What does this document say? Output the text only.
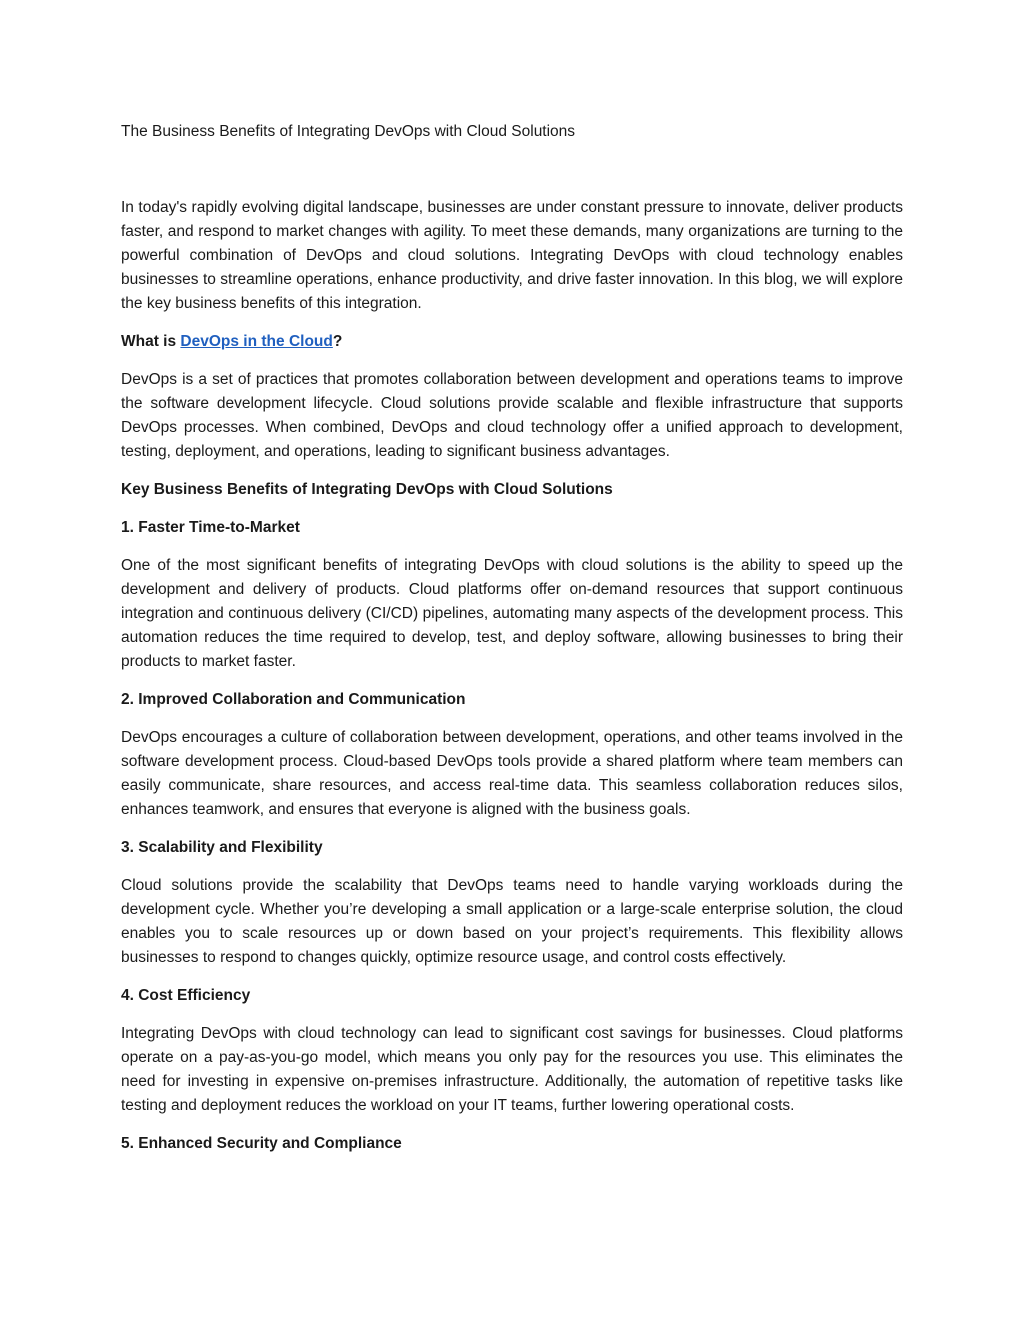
The Business Benefits of Integrating DevOps with Cloud Solutions

In today's rapidly evolving digital landscape, businesses are under constant pressure to innovate, deliver products faster, and respond to market changes with agility. To meet these demands, many organizations are turning to the powerful combination of DevOps and cloud solutions. Integrating DevOps with cloud technology enables businesses to streamline operations, enhance productivity, and drive faster innovation. In this blog, we will explore the key business benefits of this integration.

What is DevOps in the Cloud?

DevOps is a set of practices that promotes collaboration between development and operations teams to improve the software development lifecycle. Cloud solutions provide scalable and flexible infrastructure that supports DevOps processes. When combined, DevOps and cloud technology offer a unified approach to development, testing, deployment, and operations, leading to significant business advantages.

Key Business Benefits of Integrating DevOps with Cloud Solutions

1. Faster Time-to-Market

One of the most significant benefits of integrating DevOps with cloud solutions is the ability to speed up the development and delivery of products. Cloud platforms offer on-demand resources that support continuous integration and continuous delivery (CI/CD) pipelines, automating many aspects of the development process. This automation reduces the time required to develop, test, and deploy software, allowing businesses to bring their products to market faster.

2. Improved Collaboration and Communication

DevOps encourages a culture of collaboration between development, operations, and other teams involved in the software development process. Cloud-based DevOps tools provide a shared platform where team members can easily communicate, share resources, and access real-time data. This seamless collaboration reduces silos, enhances teamwork, and ensures that everyone is aligned with the business goals.

3. Scalability and Flexibility

Cloud solutions provide the scalability that DevOps teams need to handle varying workloads during the development cycle. Whether you’re developing a small application or a large-scale enterprise solution, the cloud enables you to scale resources up or down based on your project’s requirements. This flexibility allows businesses to respond to changes quickly, optimize resource usage, and control costs effectively.

4. Cost Efficiency

Integrating DevOps with cloud technology can lead to significant cost savings for businesses. Cloud platforms operate on a pay-as-you-go model, which means you only pay for the resources you use. This eliminates the need for investing in expensive on-premises infrastructure. Additionally, the automation of repetitive tasks like testing and deployment reduces the workload on your IT teams, further lowering operational costs.

5. Enhanced Security and Compliance
